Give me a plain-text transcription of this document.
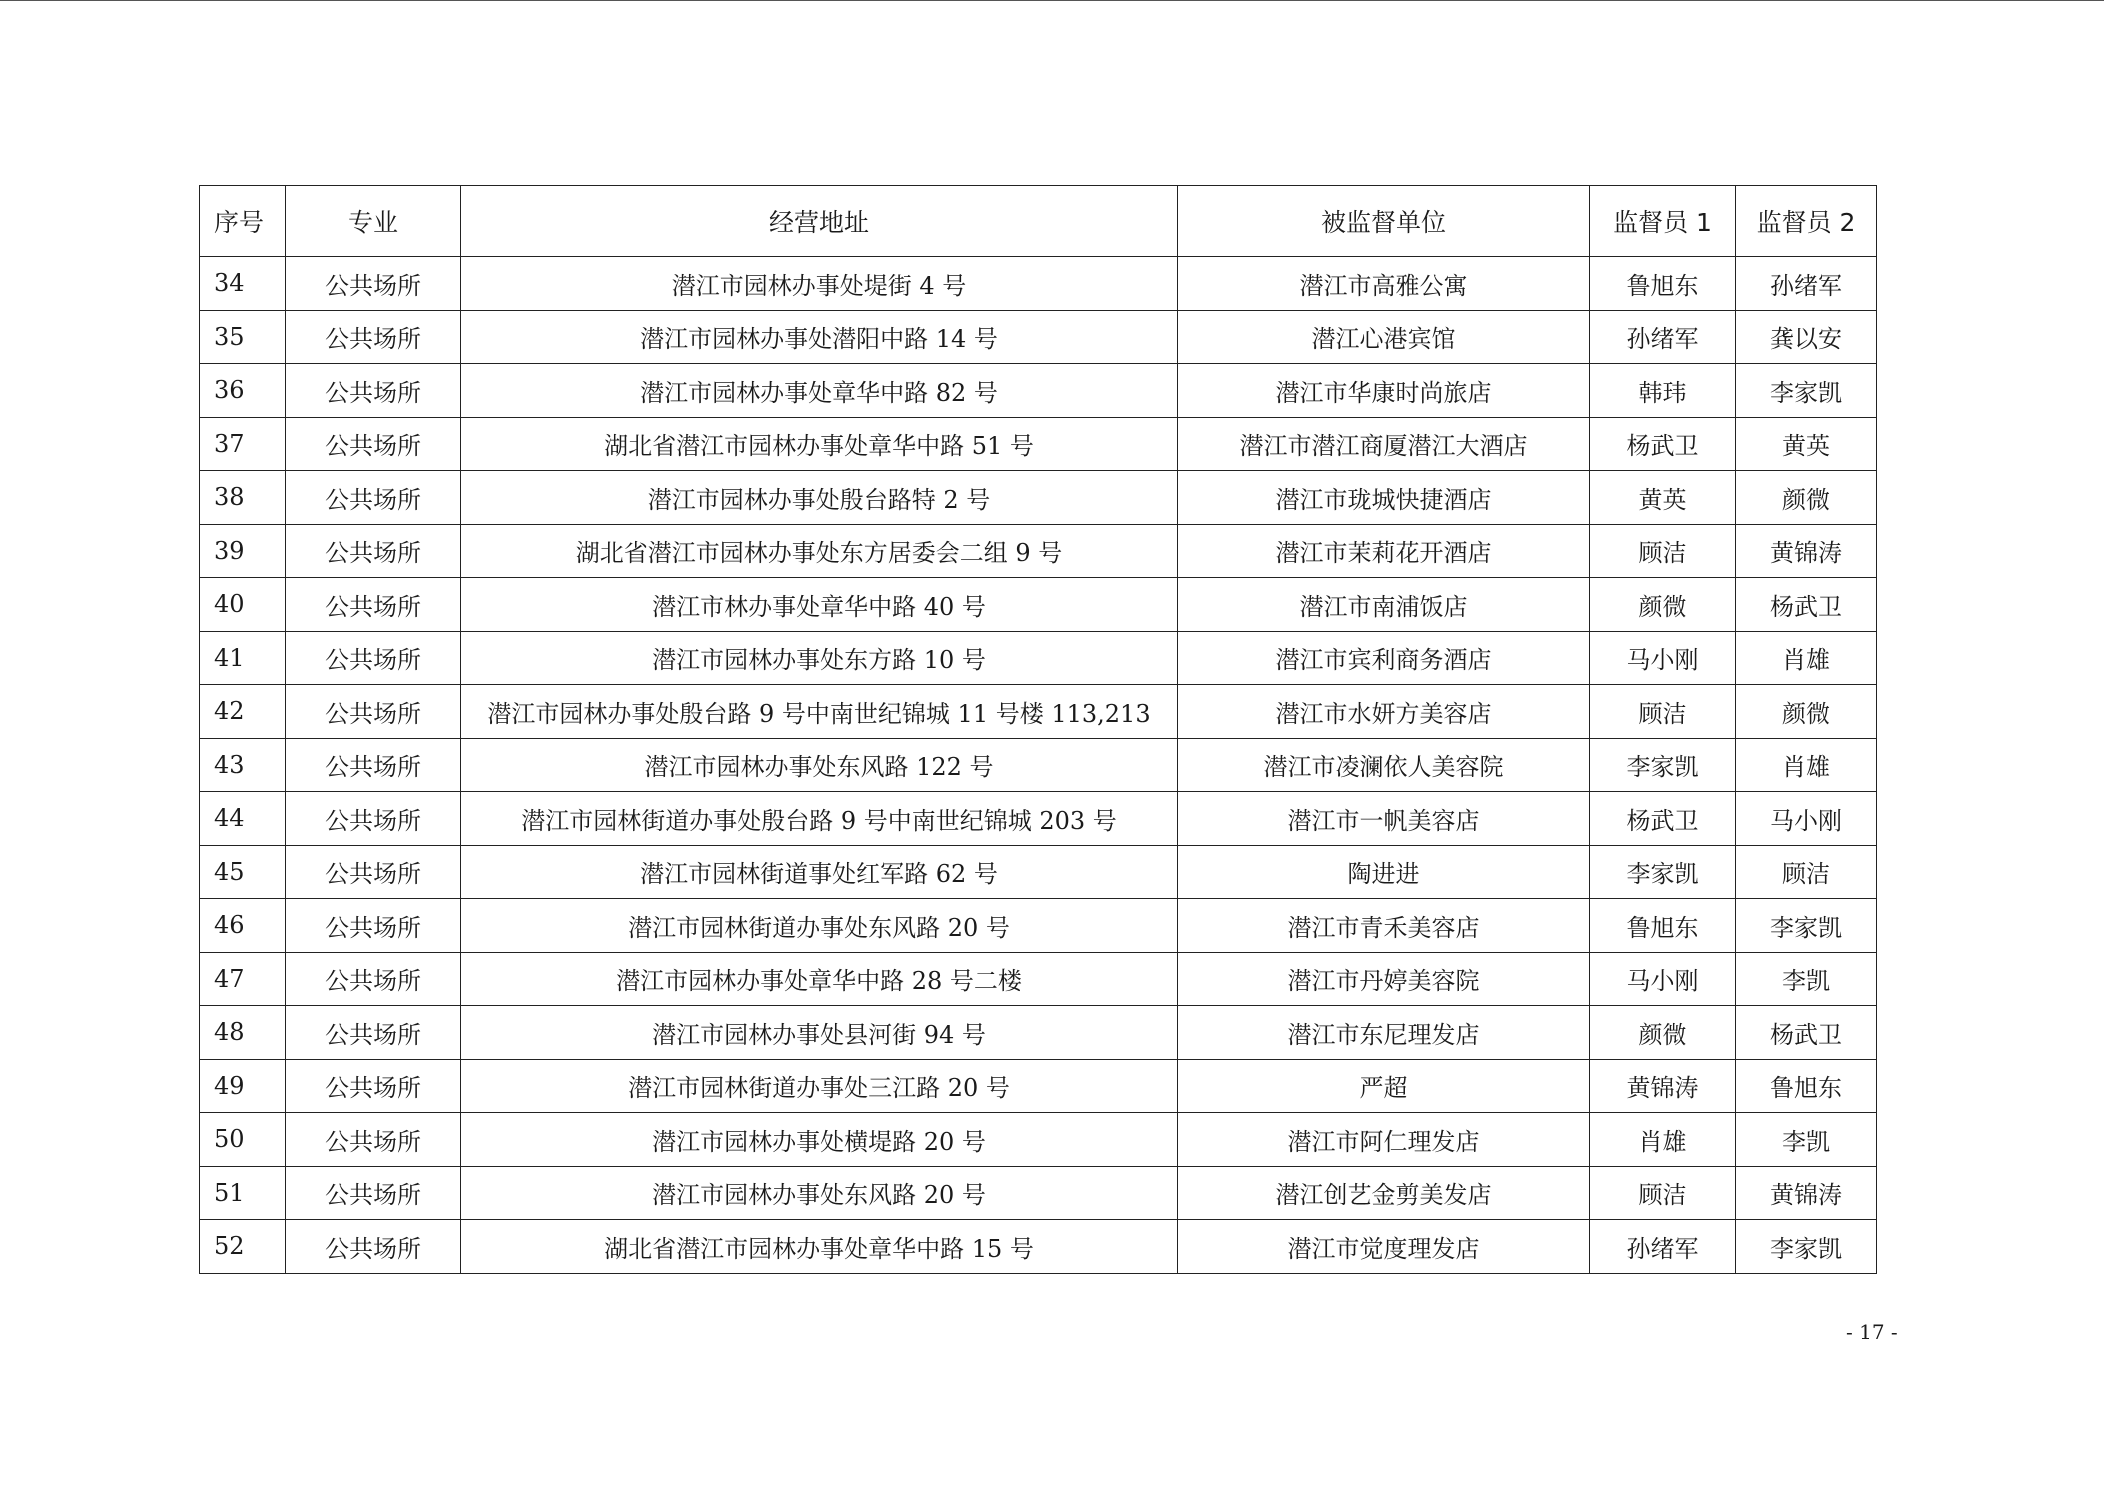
序号	专业	经营地址	被监督单位	监督员 1	监督员 2
34	公共场所	潜江市园林办事处堤街 4 号	潜江市高雅公寓	鲁旭东	孙绪军
35	公共场所	潜江市园林办事处潜阳中路 14 号	潜江心港宾馆	孙绪军	龚以安
36	公共场所	潜江市园林办事处章华中路 82 号	潜江市华康时尚旅店	韩玮	李家凯
37	公共场所	湖北省潜江市园林办事处章华中路 51 号	潜江市潜江商厦潜江大酒店	杨武卫	黄英
38	公共场所	潜江市园林办事处殷台路特 2 号	潜江市珑城快捷酒店	黄英	颜微
39	公共场所	湖北省潜江市园林办事处东方居委会二组 9 号	潜江市茉莉花开酒店	顾洁	黄锦涛
40	公共场所	潜江市林办事处章华中路 40 号	潜江市南浦饭店	颜微	杨武卫
41	公共场所	潜江市园林办事处东方路 10 号	潜江市宾利商务酒店	马小刚	肖雄
42	公共场所	潜江市园林办事处殷台路 9 号中南世纪锦城 11 号楼 113,213	潜江市水妍方美容店	顾洁	颜微
43	公共场所	潜江市园林办事处东风路 122 号	潜江市凌澜依人美容院	李家凯	肖雄
44	公共场所	潜江市园林街道办事处殷台路 9 号中南世纪锦城 203 号	潜江市一帆美容店	杨武卫	马小刚
45	公共场所	潜江市园林街道事处红军路 62 号	陶进进	李家凯	顾洁
46	公共场所	潜江市园林街道办事处东风路 20 号	潜江市青禾美容店	鲁旭东	李家凯
47	公共场所	潜江市园林办事处章华中路 28 号二楼	潜江市丹婷美容院	马小刚	李凯
48	公共场所	潜江市园林办事处县河街 94 号	潜江市东尼理发店	颜微	杨武卫
49	公共场所	潜江市园林街道办事处三江路 20 号	严超	黄锦涛	鲁旭东
50	公共场所	潜江市园林办事处横堤路 20 号	潜江市阿仁理发店	肖雄	李凯
51	公共场所	潜江市园林办事处东风路 20 号	潜江创艺金剪美发店	顾洁	黄锦涛
52	公共场所	湖北省潜江市园林办事处章华中路 15 号	潜江市觉度理发店	孙绪军	李家凯
- 17 -
